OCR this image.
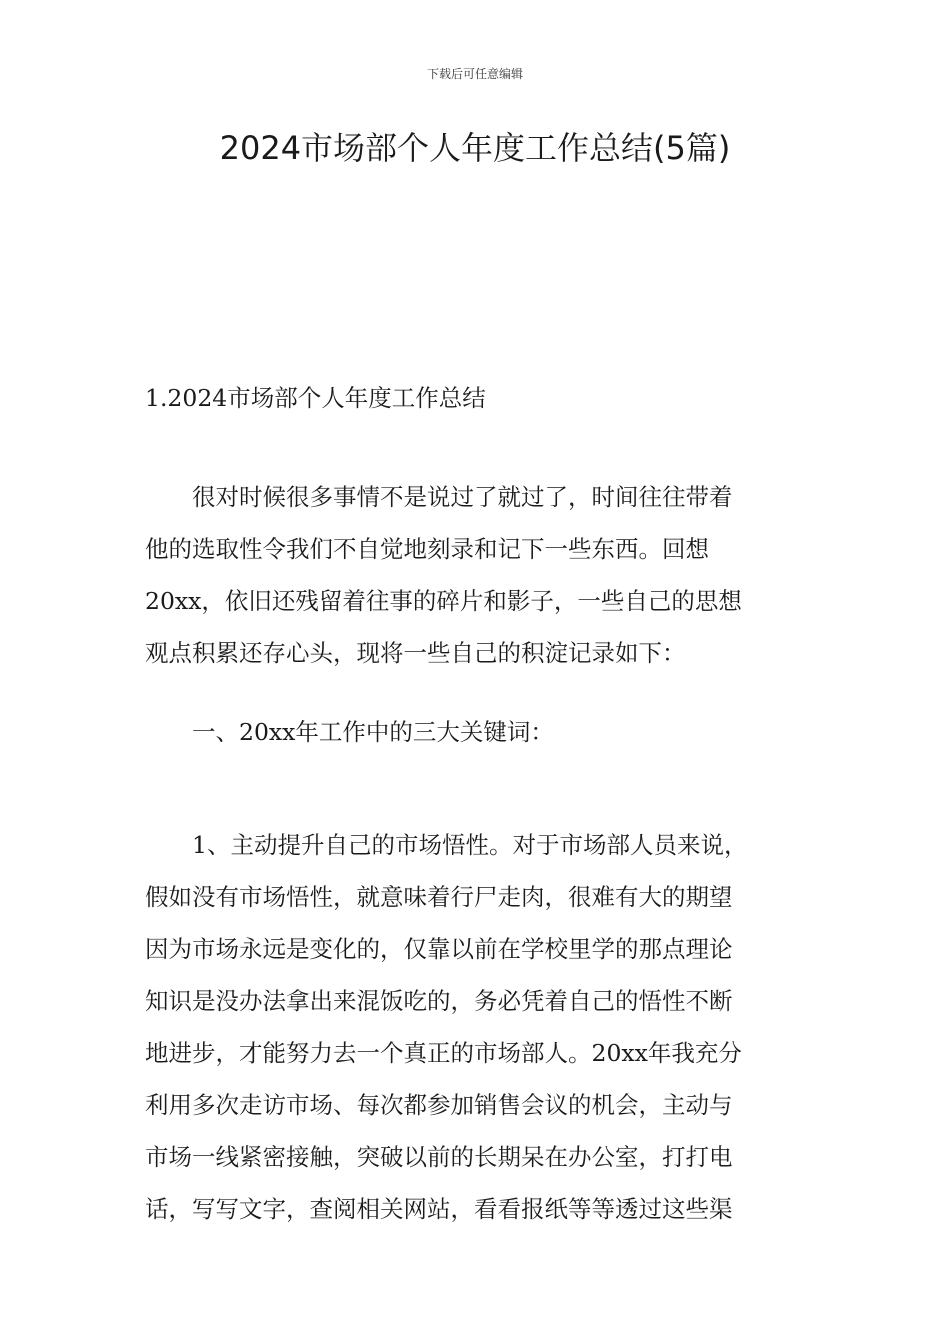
下载后可任意编辑
2024市场部个人年度工作总结(5篇)

1.2024市场部个人年度工作总结

很对时候很多事情不是说过了就过了，时间往往带着
他的选取性令我们不自觉地刻录和记下一些东西。回想
20xx，依旧还残留着往事的碎片和影子，一些自己的思想
观点积累还存心头，现将一些自己的积淀记录如下：

一、20xx年工作中的三大关键词：

1、主动提升自己的市场悟性。对于市场部人员来说，
假如没有市场悟性，就意味着行尸走肉，很难有大的期望
因为市场永远是变化的，仅靠以前在学校里学的那点理论
知识是没办法拿出来混饭吃的，务必凭着自己的悟性不断
地进步，才能努力去一个真正的市场部人。20xx年我充分
利用多次走访市场、每次都参加销售会议的机会，主动与
市场一线紧密接触，突破以前的长期呆在办公室，打打电
话，写写文字，查阅相关网站，看看报纸等等透过这些渠
